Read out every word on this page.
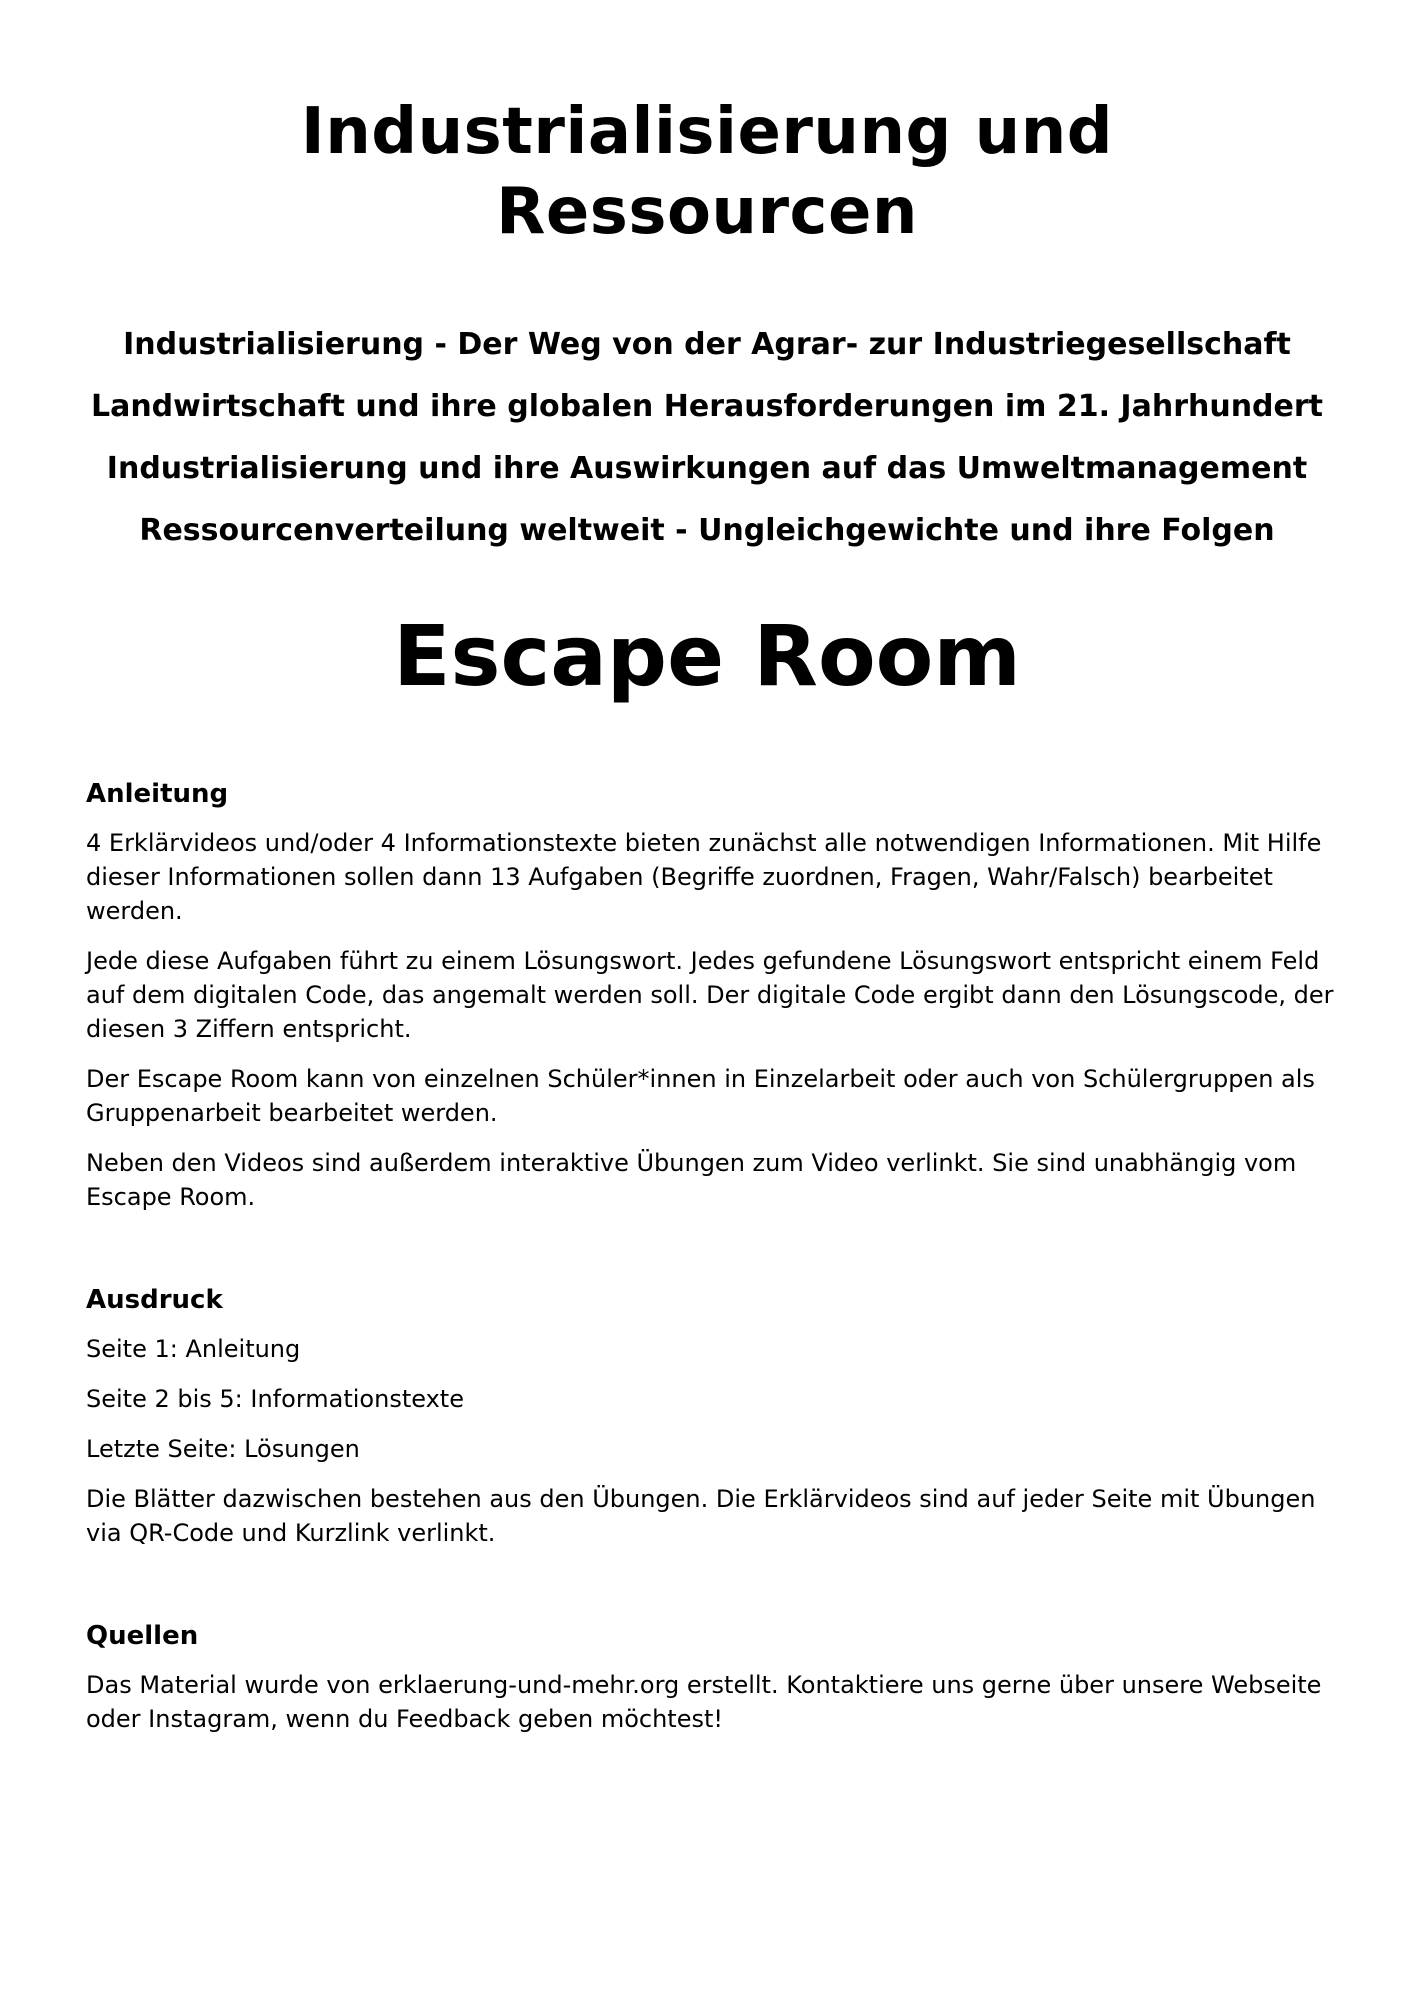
Industrialisierung und Ressourcen
Industrialisierung - Der Weg von der Agrar- zur Industriegesellschaft
Landwirtschaft und ihre globalen Herausforderungen im 21. Jahrhundert
Industrialisierung und ihre Auswirkungen auf das Umweltmanagement
Ressourcenverteilung weltweit - Ungleichgewichte und ihre Folgen
Escape Room
Anleitung

4 Erklärvideos und/oder 4 Informationstexte bieten zunächst alle notwendigen Informationen. Mit Hilfe dieser Informationen sollen dann 13 Aufgaben (Begriffe zuordnen, Fragen, Wahr/Falsch) bearbeitet werden.

Jede diese Aufgaben führt zu einem Lösungswort. Jedes gefundene Lösungswort entspricht einem Feld auf dem digitalen Code, das angemalt werden soll. Der digitale Code ergibt dann den Lösungscode, der diesen 3 Ziffern entspricht.

Der Escape Room kann von einzelnen Schüler*innen in Einzelarbeit oder auch von Schülergruppen als Gruppenarbeit bearbeitet werden.

Neben den Videos sind außerdem interaktive Übungen zum Video verlinkt. Sie sind unabhängig vom Escape Room.

Ausdruck

Seite 1: Anleitung

Seite 2 bis 5: Informationstexte

Letzte Seite: Lösungen

Die Blätter dazwischen bestehen aus den Übungen. Die Erklärvideos sind auf jeder Seite mit Übungen via QR-Code und Kurzlink verlinkt.

Quellen

Das Material wurde von erklaerung-und-mehr.org erstellt. Kontaktiere uns gerne über unsere Webseite oder Instagram, wenn du Feedback geben möchtest!
